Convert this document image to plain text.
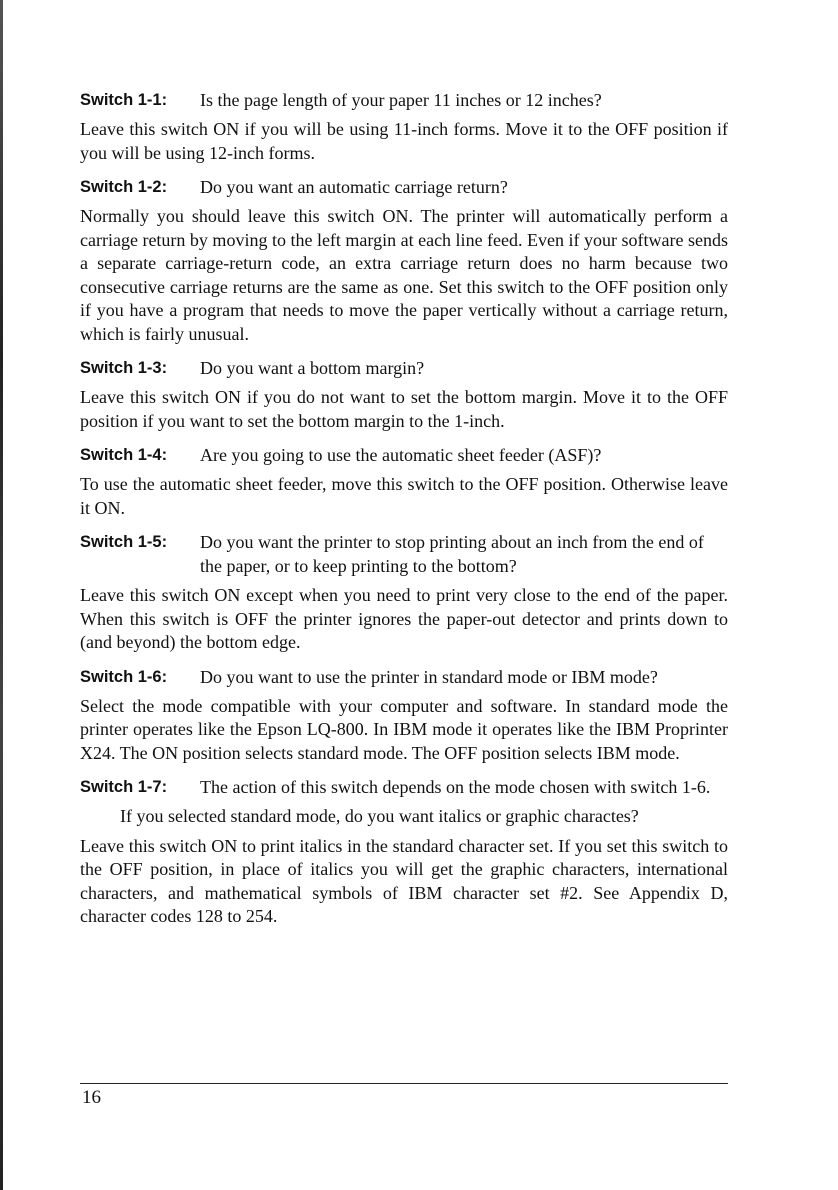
Switch 1-1:	Is the page length of your paper 11 inches or 12 inches?
Leave this switch ON if you will be using 11-inch forms. Move it to the OFF position if you will be using 12-inch forms.
Switch 1-2:	Do you want an automatic carriage return?
Normally you should leave this switch ON. The printer will automatically perform a carriage return by moving to the left margin at each line feed. Even if your software sends a separate carriage-return code, an extra carriage return does no harm because two consecutive carriage returns are the same as one. Set this switch to the OFF position only if you have a program that needs to move the paper vertically without a carriage return, which is fairly unusual.
Switch 1-3:	Do you want a bottom margin?
Leave this switch ON if you do not want to set the bottom margin. Move it to the OFF position if you want to set the bottom margin to the 1-inch.
Switch 1-4:	Are you going to use the automatic sheet feeder (ASF)?
To use the automatic sheet feeder, move this switch to the OFF position. Otherwise leave it ON.
Switch 1-5:	Do you want the printer to stop printing about an inch from the end of the paper, or to keep printing to the bottom?
Leave this switch ON except when you need to print very close to the end of the paper. When this switch is OFF the printer ignores the paper-out detector and prints down to (and beyond) the bottom edge.
Switch 1-6:	Do you want to use the printer in standard mode or IBM mode?
Select the mode compatible with your computer and software. In standard mode the printer operates like the Epson LQ-800. In IBM mode it operates like the IBM Proprinter X24. The ON position selects standard mode. The OFF position selects IBM mode.
Switch 1-7:	The action of this switch depends on the mode chosen with switch 1-6.
If you selected standard mode, do you want italics or graphic charactes?
Leave this switch ON to print italics in the standard character set. If you set this switch to the OFF position, in place of italics you will get the graphic characters, international characters, and mathematical symbols of IBM character set #2. See Appendix D, character codes 128 to 254.
16
